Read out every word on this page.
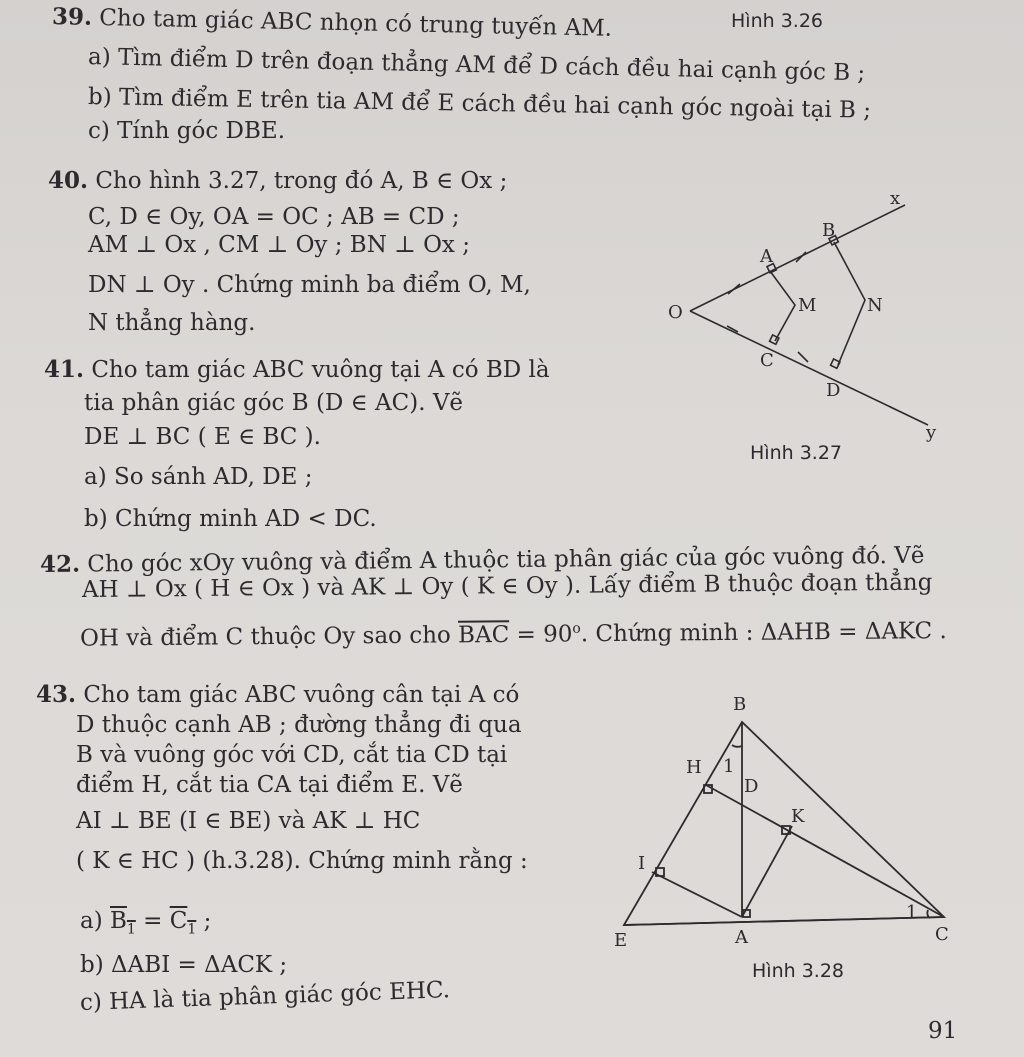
39. Cho tam giác ABC nhọn có trung tuyến AM.	Hình 3.26
a) Tìm điểm D trên đoạn thẳng AM để D cách đều hai cạnh góc B ;
b) Tìm điểm E trên tia AM để E cách đều hai cạnh góc ngoài tại B ;
c) Tính góc DBE.
40. Cho hình 3.27, trong đó A, B ∈ Ox ;
C, D ∈ Oy, OA = OC ; AB = CD ;
AM ⊥ Ox , CM ⊥ Oy ; BN ⊥ Ox ;
DN ⊥ Oy . Chứng minh ba điểm O, M,
N thẳng hàng.
x
B
A
O	M	N
C
D
y
Hình 3.27
41. Cho tam giác ABC vuông tại A có BD là
tia phân giác góc B (D ∈ AC). Vẽ
DE ⊥ BC ( E ∈ BC ).
a) So sánh AD, DE ;
b) Chứng minh AD < DC.
42. Cho góc xOy vuông và điểm A thuộc tia phân giác của góc vuông đó. Vẽ
AH ⊥ Ox ( H ∈ Ox ) và AK ⊥ Oy ( K ∈ Oy ). Lấy điểm B thuộc đoạn thẳng
OH và điểm C thuộc Oy sao cho $\overline{BAC} = 90^o$. Chứng minh : ΔAHB = ΔAKC .
43. Cho tam giác ABC vuông cân tại A có
D thuộc cạnh AB ; đường thẳng đi qua
B và vuông góc với CD, cắt tia CD tại
điểm H, cắt tia CA tại điểm E. Vẽ
AI ⊥ BE (I ∈ BE) và AK ⊥ HC
( K ∈ HC ) (h.3.28). Chứng minh rằng :
a) $B_1 = C_1$ ;
b) ΔABI = ΔACK ;
c) HA là tia phân giác góc EHC.
B
H 1
D
K
I
E	A	C
1
Hình 3.28
91
